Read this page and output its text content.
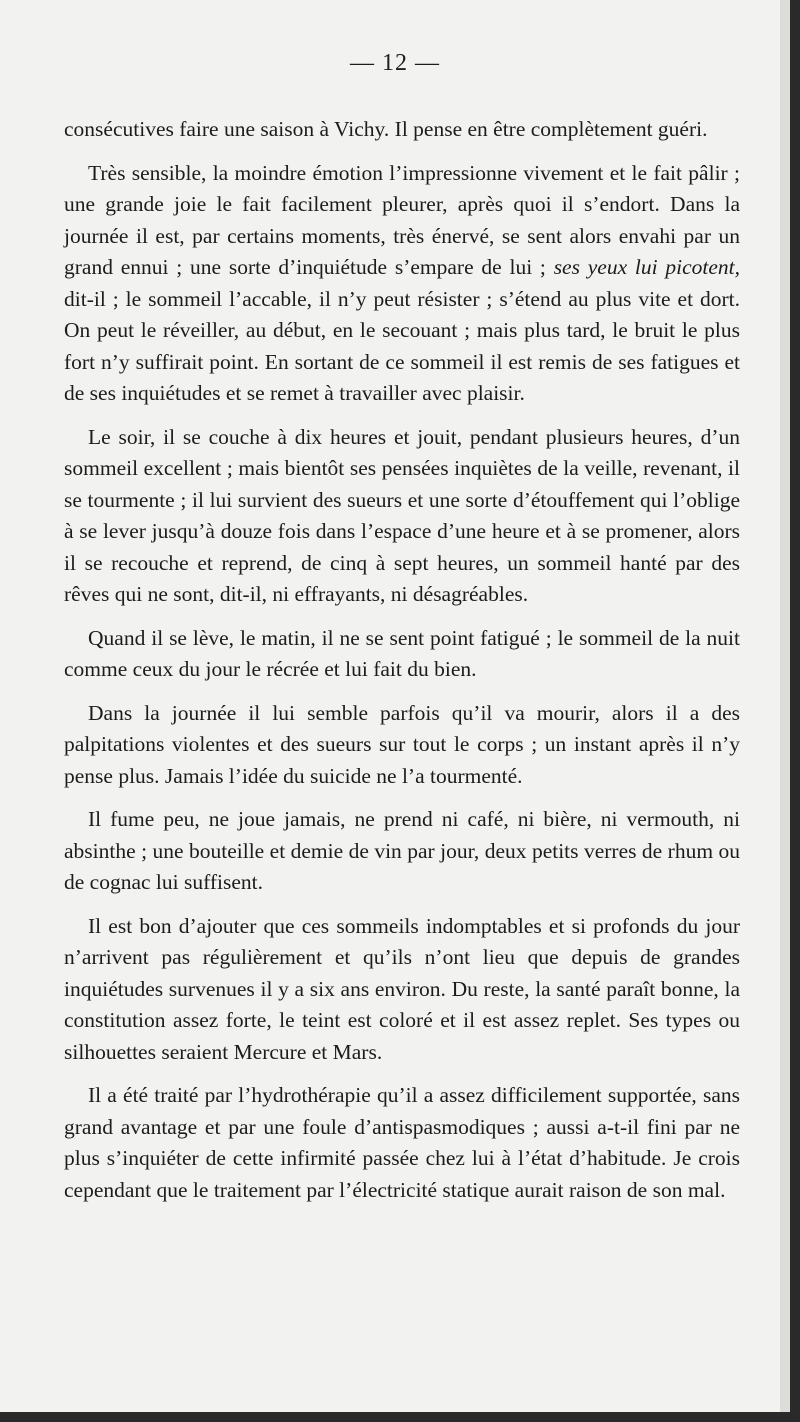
— 12 —

consécutives faire une saison à Vichy. Il pense en être complètement guéri.

Très sensible, la moindre émotion l’impressionne vivement et le fait pâlir ; une grande joie le fait facilement pleurer, après quoi il s’endort. Dans la journée il est, par certains moments, très énervé, se sent alors envahi par un grand ennui ; une sorte d’inquiétude s’empare de lui ; ses yeux lui picotent, dit-il ; le sommeil l’accable, il n’y peut résister ; s’étend au plus vite et dort. On peut le réveiller, au début, en le secouant ; mais plus tard, le bruit le plus fort n’y suffirait point. En sortant de ce sommeil il est remis de ses fatigues et de ses inquiétudes et se remet à travailler avec plaisir.

Le soir, il se couche à dix heures et jouit, pendant plusieurs heures, d’un sommeil excellent ; mais bientôt ses pensées inquiètes de la veille, revenant, il se tourmente ; il lui survient des sueurs et une sorte d’étouffement qui l’oblige à se lever jusqu’à douze fois dans l’espace d’une heure et à se promener, alors il se recouche et reprend, de cinq à sept heures, un sommeil hanté par des rêves qui ne sont, dit-il, ni effrayants, ni désagréables.

Quand il se lève, le matin, il ne se sent point fatigué ; le sommeil de la nuit comme ceux du jour le récrée et lui fait du bien.

Dans la journée il lui semble parfois qu’il va mourir, alors il a des palpitations violentes et des sueurs sur tout le corps ; un instant après il n’y pense plus. Jamais l’idée du suicide ne l’a tourmenté.

Il fume peu, ne joue jamais, ne prend ni café, ni bière, ni vermouth, ni absinthe ; une bouteille et demie de vin par jour, deux petits verres de rhum ou de cognac lui suffisent.

Il est bon d’ajouter que ces sommeils indomptables et si profonds du jour n’arrivent pas régulièrement et qu’ils n’ont lieu que depuis de grandes inquiétudes survenues il y a six ans environ. Du reste, la santé paraît bonne, la constitution assez forte, le teint est coloré et il est assez replet. Ses types ou silhouettes seraient Mercure et Mars.

Il a été traité par l’hydrothérapie qu’il a assez difficilement supportée, sans grand avantage et par une foule d’antispasmodiques ; aussi a-t-il fini par ne plus s’inquiéter de cette infirmité passée chez lui à l’état d’habitude. Je crois cependant que le traitement par l’électricité statique aurait raison de son mal.
